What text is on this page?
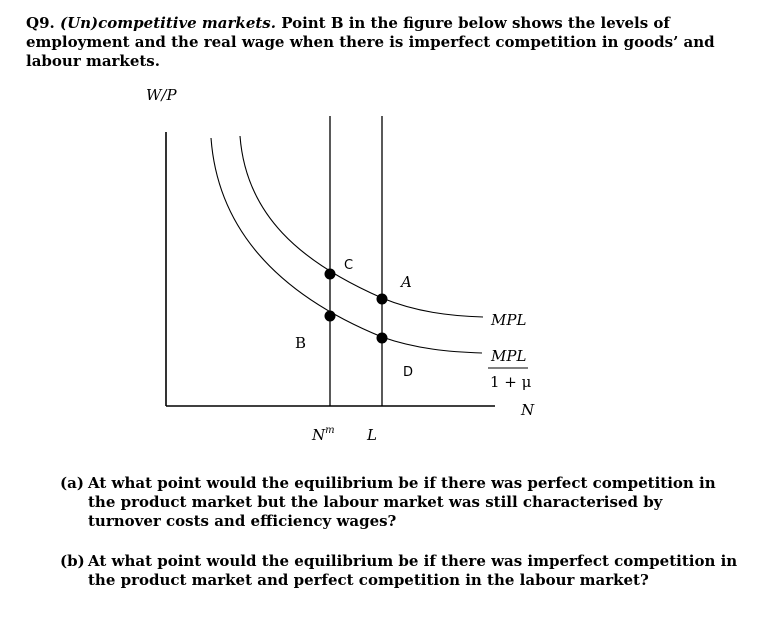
Q9. (Un)competitive markets. Point B in the figure below shows the levels of employment and the real wage when there is imperfect competition in goods’ and labour markets.
W/P
C
A
B
D
MPL
MPL
1 + μ
N
$N^m$ L
(a) At what point would the equilibrium be if there was perfect competition in the product market but the labour market was still characterised by turnover costs and efficiency wages?
(b) At what point would the equilibrium be if there was imperfect competition in the product market and perfect competition in the labour market?
